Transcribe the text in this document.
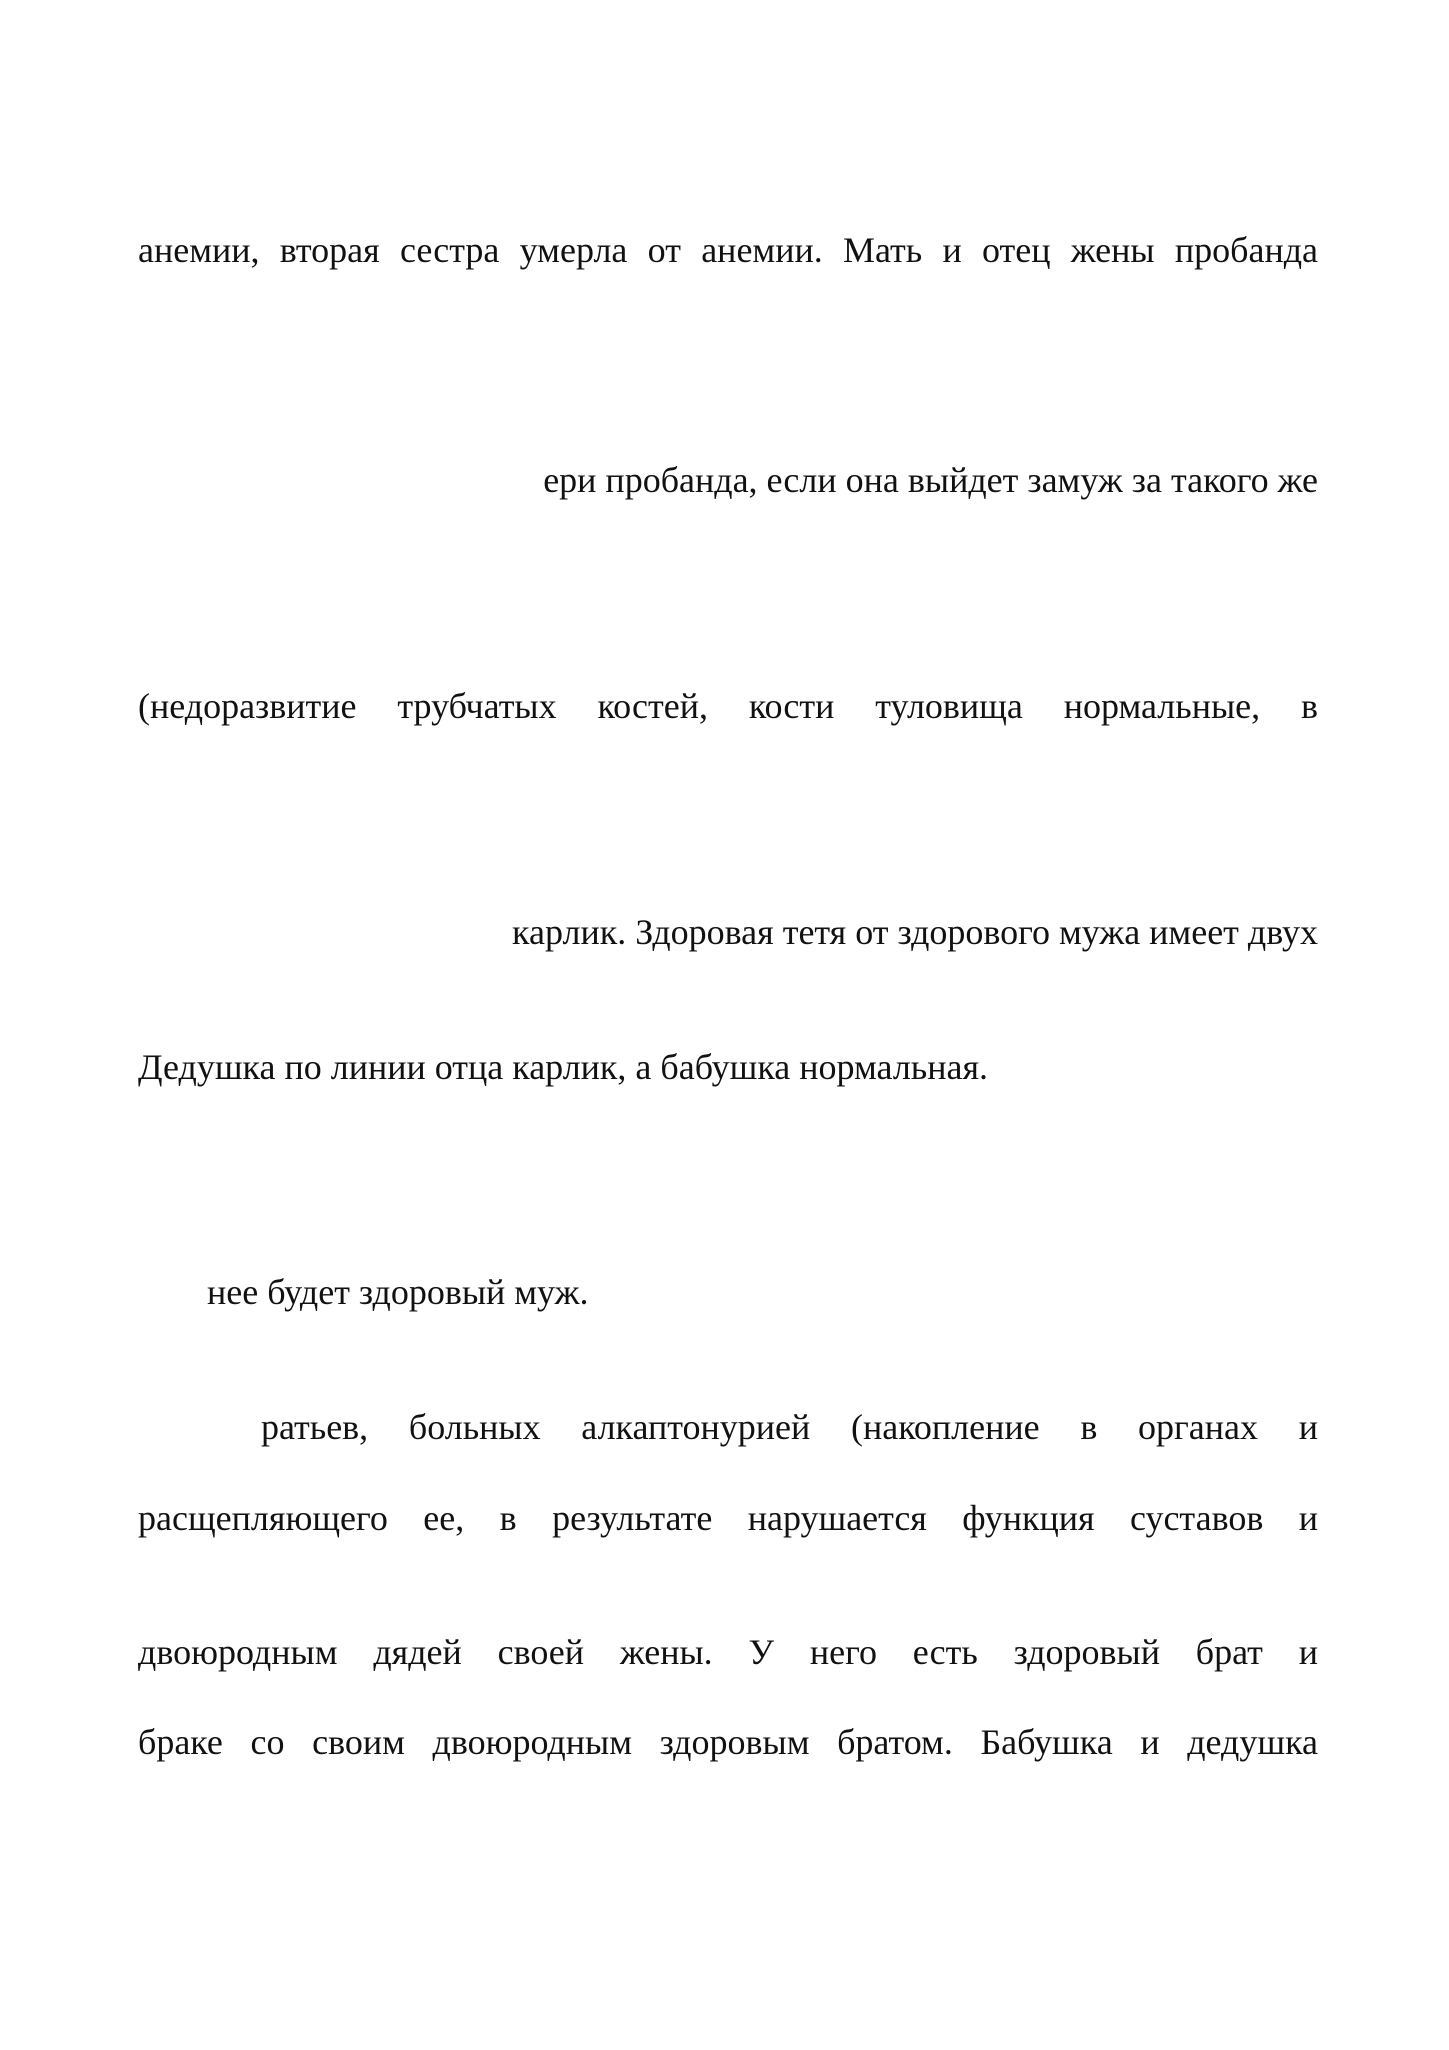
анемии, вторая сестра умерла от анемии. Мать и отец жены пробанда

ери пробанда, если она выйдет замуж за такого же

(недоразвитие трубчатых костей, кости туловища нормальные, в

карлик. Здоровая тетя от здорового мужа имеет двух

Дедушка по линии отца карлик, а бабушка нормальная.

нее будет здоровый муж.

ратьев, больных алкаптонурией (накопление в органах и

расщепляющего ее, в результате нарушается функция суставов и

двоюродным дядей своей жены. У него есть здоровый брат и

браке со своим двоюродным здоровым братом. Бабушка и дедушка
